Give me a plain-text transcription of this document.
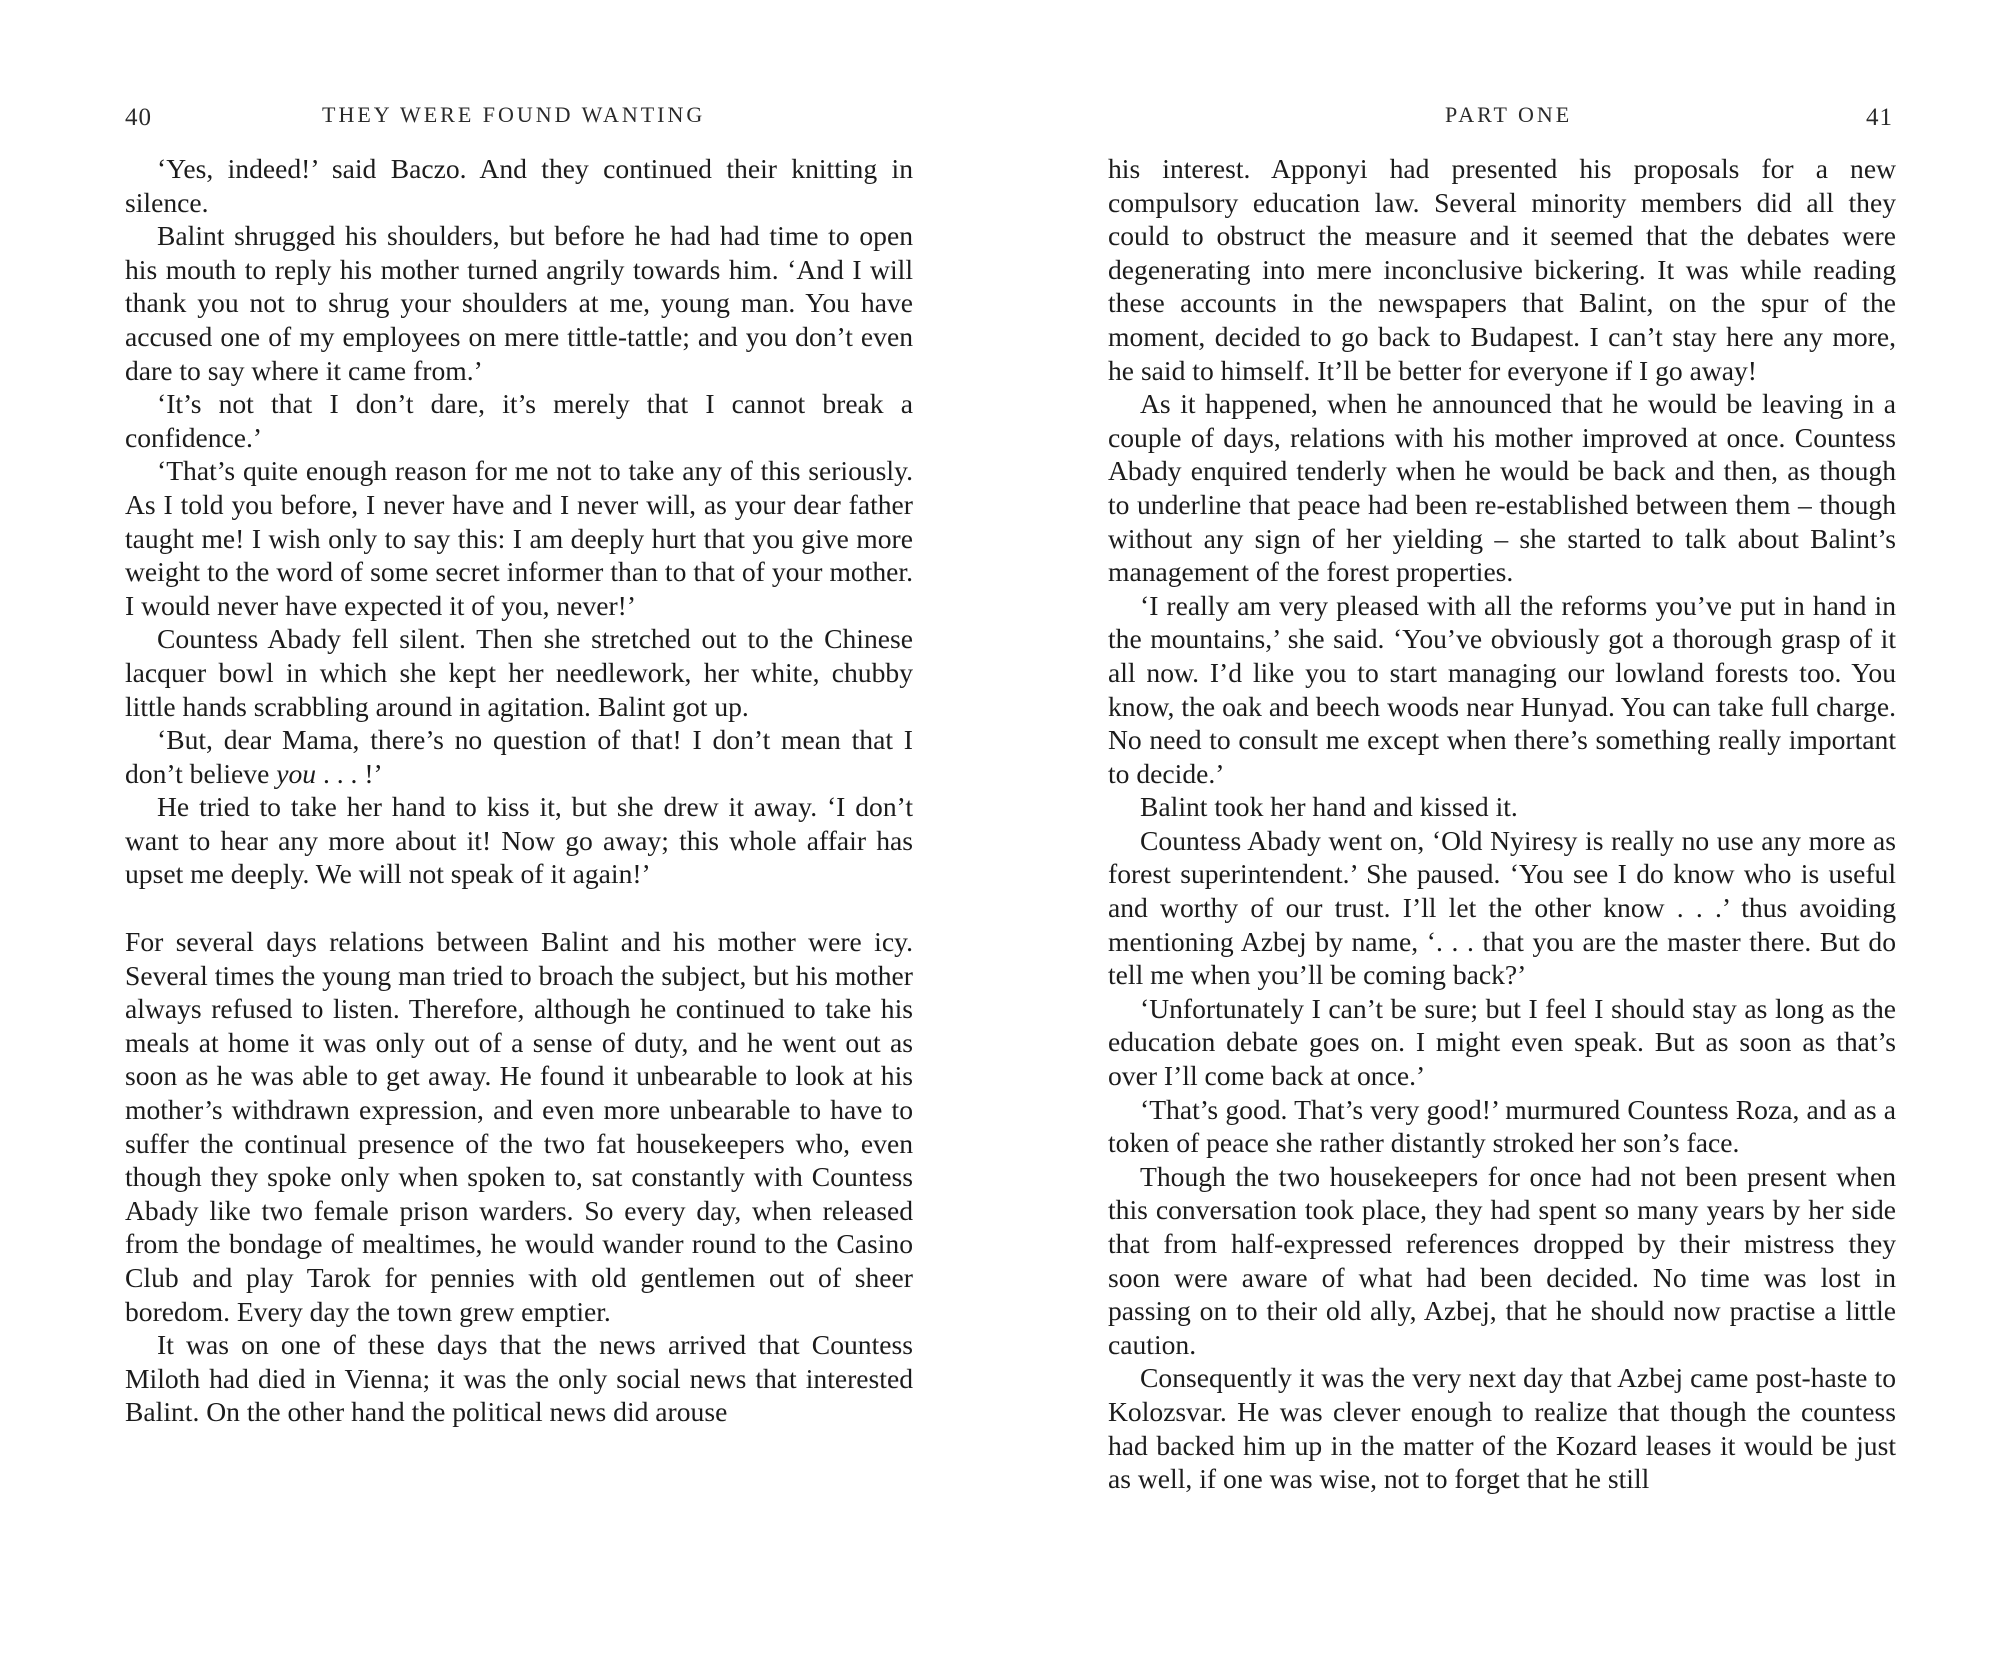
40	THEY WERE FOUND WANTING

‘Yes, indeed!’ said Baczo. And they continued their knitting in silence.

Balint shrugged his shoulders, but before he had had time to open his mouth to reply his mother turned angrily towards him. ‘And I will thank you not to shrug your shoulders at me, young man. You have accused one of my employees on mere tittle-tattle; and you don’t even dare to say where it came from.’

‘It’s not that I don’t dare, it’s merely that I cannot break a confidence.’

‘That’s quite enough reason for me not to take any of this seriously. As I told you before, I never have and I never will, as your dear father taught me! I wish only to say this: I am deeply hurt that you give more weight to the word of some secret informer than to that of your mother. I would never have expected it of you, never!’

Countess Abady fell silent. Then she stretched out to the Chinese lacquer bowl in which she kept her needlework, her white, chubby little hands scrabbling around in agitation. Balint got up.

‘But, dear Mama, there’s no question of that! I don’t mean that I don’t believe you . . . !’

He tried to take her hand to kiss it, but she drew it away. ‘I don’t want to hear any more about it! Now go away; this whole affair has upset me deeply. We will not speak of it again!’

For several days relations between Balint and his mother were icy. Several times the young man tried to broach the subject, but his mother always refused to listen. Therefore, although he continued to take his meals at home it was only out of a sense of duty, and he went out as soon as he was able to get away. He found it unbearable to look at his mother’s withdrawn expression, and even more unbearable to have to suffer the continual presence of the two fat housekeepers who, even though they spoke only when spoken to, sat constantly with Countess Abady like two female prison warders. So every day, when released from the bondage of mealtimes, he would wander round to the Casino Club and play Tarok for pennies with old gentlemen out of sheer boredom. Every day the town grew emptier.

It was on one of these days that the news arrived that Countess Miloth had died in Vienna; it was the only social news that interested Balint. On the other hand the political news did arouse

PART ONE	41

his interest. Apponyi had presented his proposals for a new compulsory education law. Several minority members did all they could to obstruct the measure and it seemed that the debates were degenerating into mere inconclusive bickering. It was while reading these accounts in the newspapers that Balint, on the spur of the moment, decided to go back to Budapest. I can’t stay here any more, he said to himself. It’ll be better for everyone if I go away!

As it happened, when he announced that he would be leaving in a couple of days, relations with his mother improved at once. Countess Abady enquired tenderly when he would be back and then, as though to underline that peace had been re-established between them – though without any sign of her yielding – she started to talk about Balint’s management of the forest properties.

‘I really am very pleased with all the reforms you’ve put in hand in the mountains,’ she said. ‘You’ve obviously got a thorough grasp of it all now. I’d like you to start managing our lowland forests too. You know, the oak and beech woods near Hunyad. You can take full charge. No need to consult me except when there’s something really important to decide.’

Balint took her hand and kissed it.

Countess Abady went on, ‘Old Nyiresy is really no use any more as forest superintendent.’ She paused. ‘You see I do know who is useful and worthy of our trust. I’ll let the other know . . .’ thus avoiding mentioning Azbej by name, ‘. . . that you are the master there. But do tell me when you’ll be coming back?’

‘Unfortunately I can’t be sure; but I feel I should stay as long as the education debate goes on. I might even speak. But as soon as that’s over I’ll come back at once.’

‘That’s good. That’s very good!’ murmured Countess Roza, and as a token of peace she rather distantly stroked her son’s face.

Though the two housekeepers for once had not been present when this conversation took place, they had spent so many years by her side that from half-expressed references dropped by their mistress they soon were aware of what had been decided. No time was lost in passing on to their old ally, Azbej, that he should now practise a little caution.

Consequently it was the very next day that Azbej came post-haste to Kolozsvar. He was clever enough to realize that though the countess had backed him up in the matter of the Kozard leases it would be just as well, if one was wise, not to forget that he still
